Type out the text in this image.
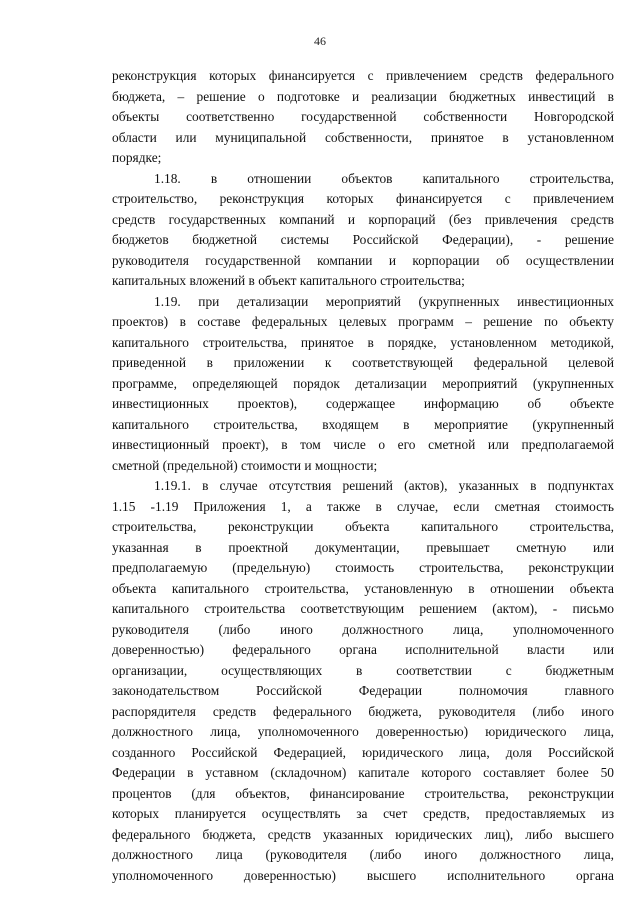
46
реконструкция которых финансируется с привлечением средств федерального
бюджета, – решение о подготовке и реализации бюджетных инвестиций в
объекты соответственно государственной собственности Новгородской
области или муниципальной собственности, принятое в установленном
порядке;
1.18. в отношении объектов капитального строительства,
строительство, реконструкция которых финансируется с привлечением
средств государственных компаний и корпораций (без привлечения средств
бюджетов бюджетной системы Российской Федерации), - решение
руководителя государственной компании и корпорации об осуществлении
капитальных вложений в объект капитального строительства;
1.19. при детализации мероприятий (укрупненных инвестиционных
проектов) в составе федеральных целевых программ – решение по объекту
капитального строительства, принятое в порядке, установленном методикой,
приведенной в приложении к соответствующей федеральной целевой
программе, определяющей порядок детализации мероприятий (укрупненных
инвестиционных проектов), содержащее информацию об объекте
капитального строительства, входящем в мероприятие (укрупненный
инвестиционный проект), в том числе о его сметной или предполагаемой
сметной (предельной) стоимости и мощности;
1.19.1. в случае отсутствия решений (актов), указанных в подпунктах
1.15 -1.19 Приложения 1, а также в случае, если сметная стоимость
строительства, реконструкции объекта капитального строительства,
указанная в проектной документации, превышает сметную или
предполагаемую (предельную) стоимость строительства, реконструкции
объекта капитального строительства, установленную в отношении объекта
капитального строительства соответствующим решением (актом), - письмо
руководителя (либо иного должностного лица, уполномоченного
доверенностью) федерального органа исполнительной власти или
организации, осуществляющих в соответствии с бюджетным
законодательством Российской Федерации полномочия главного
распорядителя средств федерального бюджета, руководителя (либо иного
должностного лица, уполномоченного доверенностью) юридического лица,
созданного Российской Федерацией, юридического лица, доля Российской
Федерации в уставном (складочном) капитале которого составляет более 50
процентов (для объектов, финансирование строительства, реконструкции
которых планируется осуществлять за счет средств, предоставляемых из
федерального бюджета, средств указанных юридических лиц), либо высшего
должностного лица (руководителя (либо иного должностного лица,
уполномоченного доверенностью) высшего исполнительного органа
